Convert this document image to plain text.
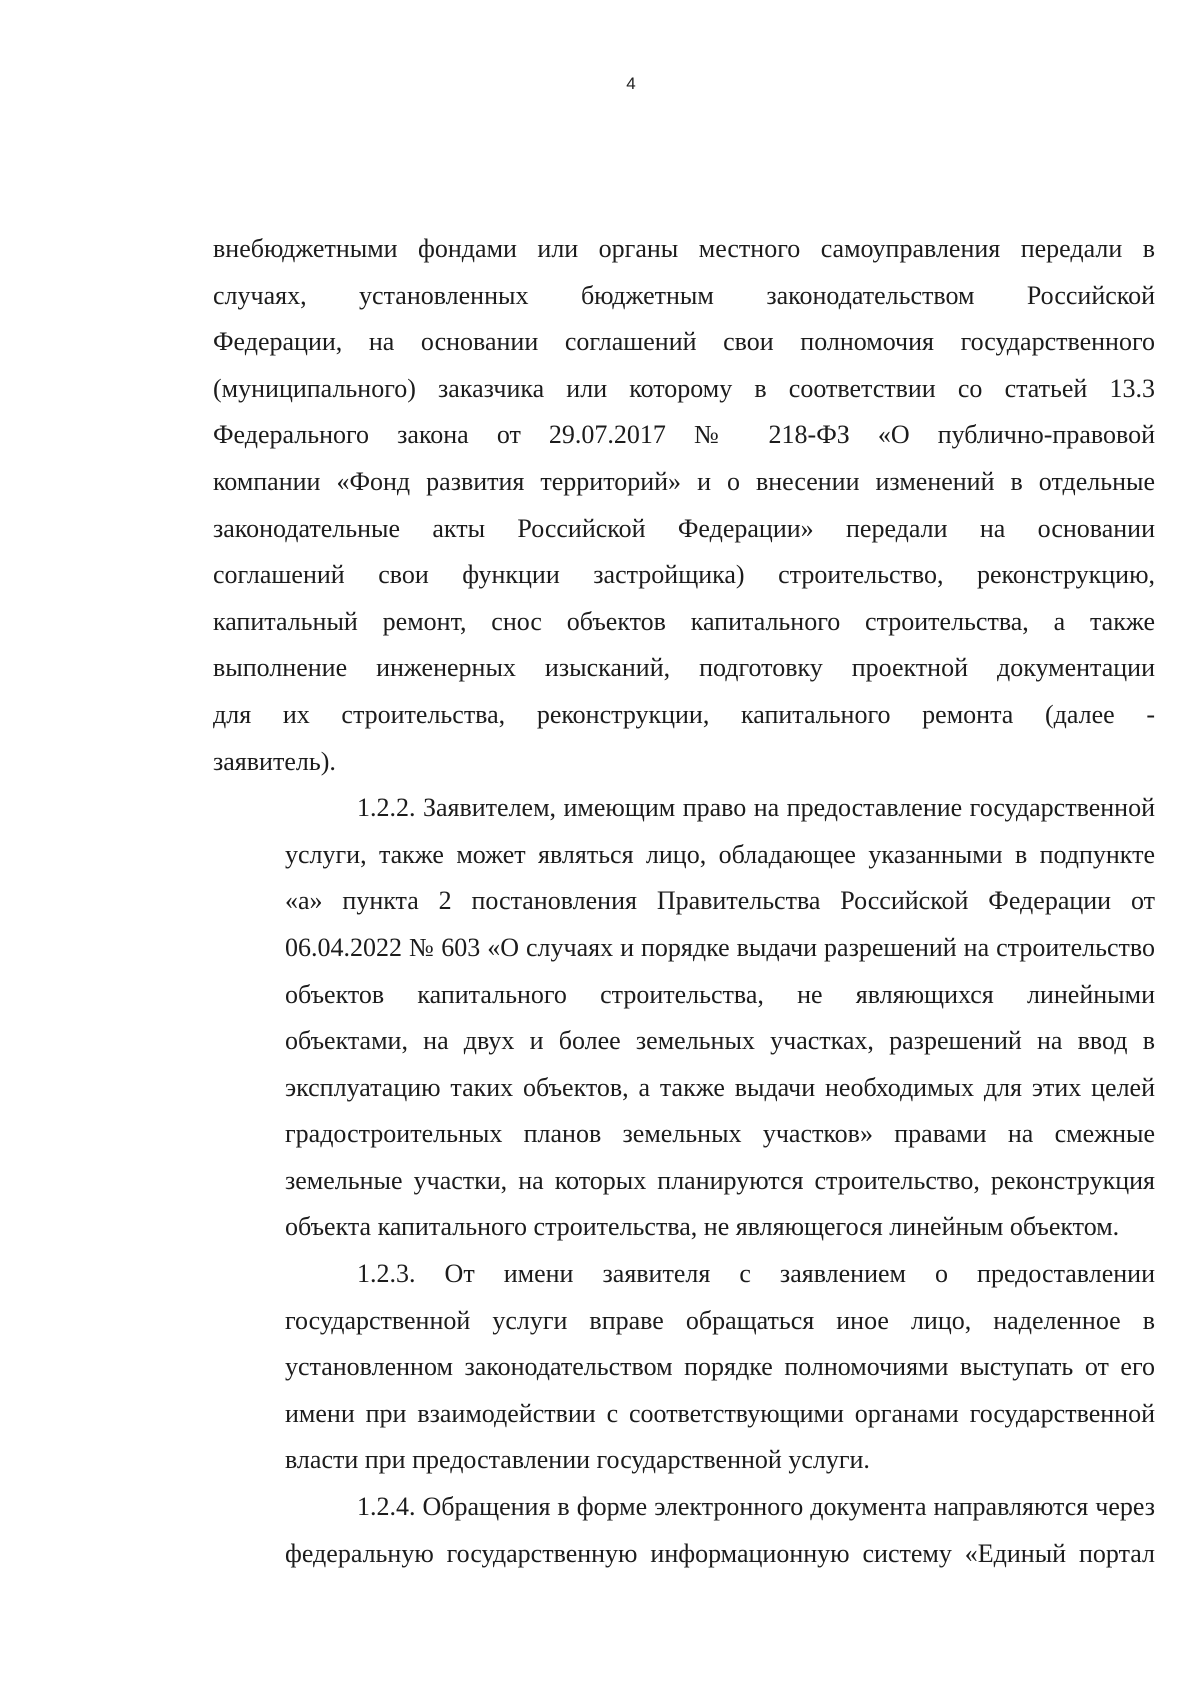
4

внебюджетными фондами или органы местного самоуправления передали в
случаях, установленных бюджетным законодательством Российской
Федерации, на основании соглашений свои полномочия государственного
(муниципального) заказчика или которому в соответствии со статьей 13.3
Федерального закона от 29.07.2017 № 218-ФЗ «О публично-правовой
компании «Фонд развития территорий» и о внесении изменений в отдельные
законодательные акты Российской Федерации» передали на основании
соглашений свои функции застройщика) строительство, реконструкцию,
капитальный ремонт, снос объектов капитального строительства, а также
выполнение инженерных изысканий, подготовку проектной документации
для их строительства, реконструкции, капитального ремонта (далее -
заявитель).

1.2.2. Заявителем, имеющим право на предоставление государственной
услуги, также может являться лицо, обладающее указанными в подпункте
«а» пункта 2 постановления Правительства Российской Федерации от
06.04.2022 № 603 «О случаях и порядке выдачи разрешений на строительство
объектов капитального строительства, не являющихся линейными
объектами, на двух и более земельных участках, разрешений на ввод в
эксплуатацию таких объектов, а также выдачи необходимых для этих целей
градостроительных планов земельных участков» правами на смежные
земельные участки, на которых планируются строительство, реконструкция
объекта капитального строительства, не являющегося линейным объектом.

1.2.3. От имени заявителя с заявлением о предоставлении
государственной услуги вправе обращаться иное лицо, наделенное в
установленном законодательством порядке полномочиями выступать от его
имени при взаимодействии с соответствующими органами государственной
власти при предоставлении государственной услуги.

1.2.4. Обращения в форме электронного документа направляются через
федеральную государственную информационную систему «Единый портал
